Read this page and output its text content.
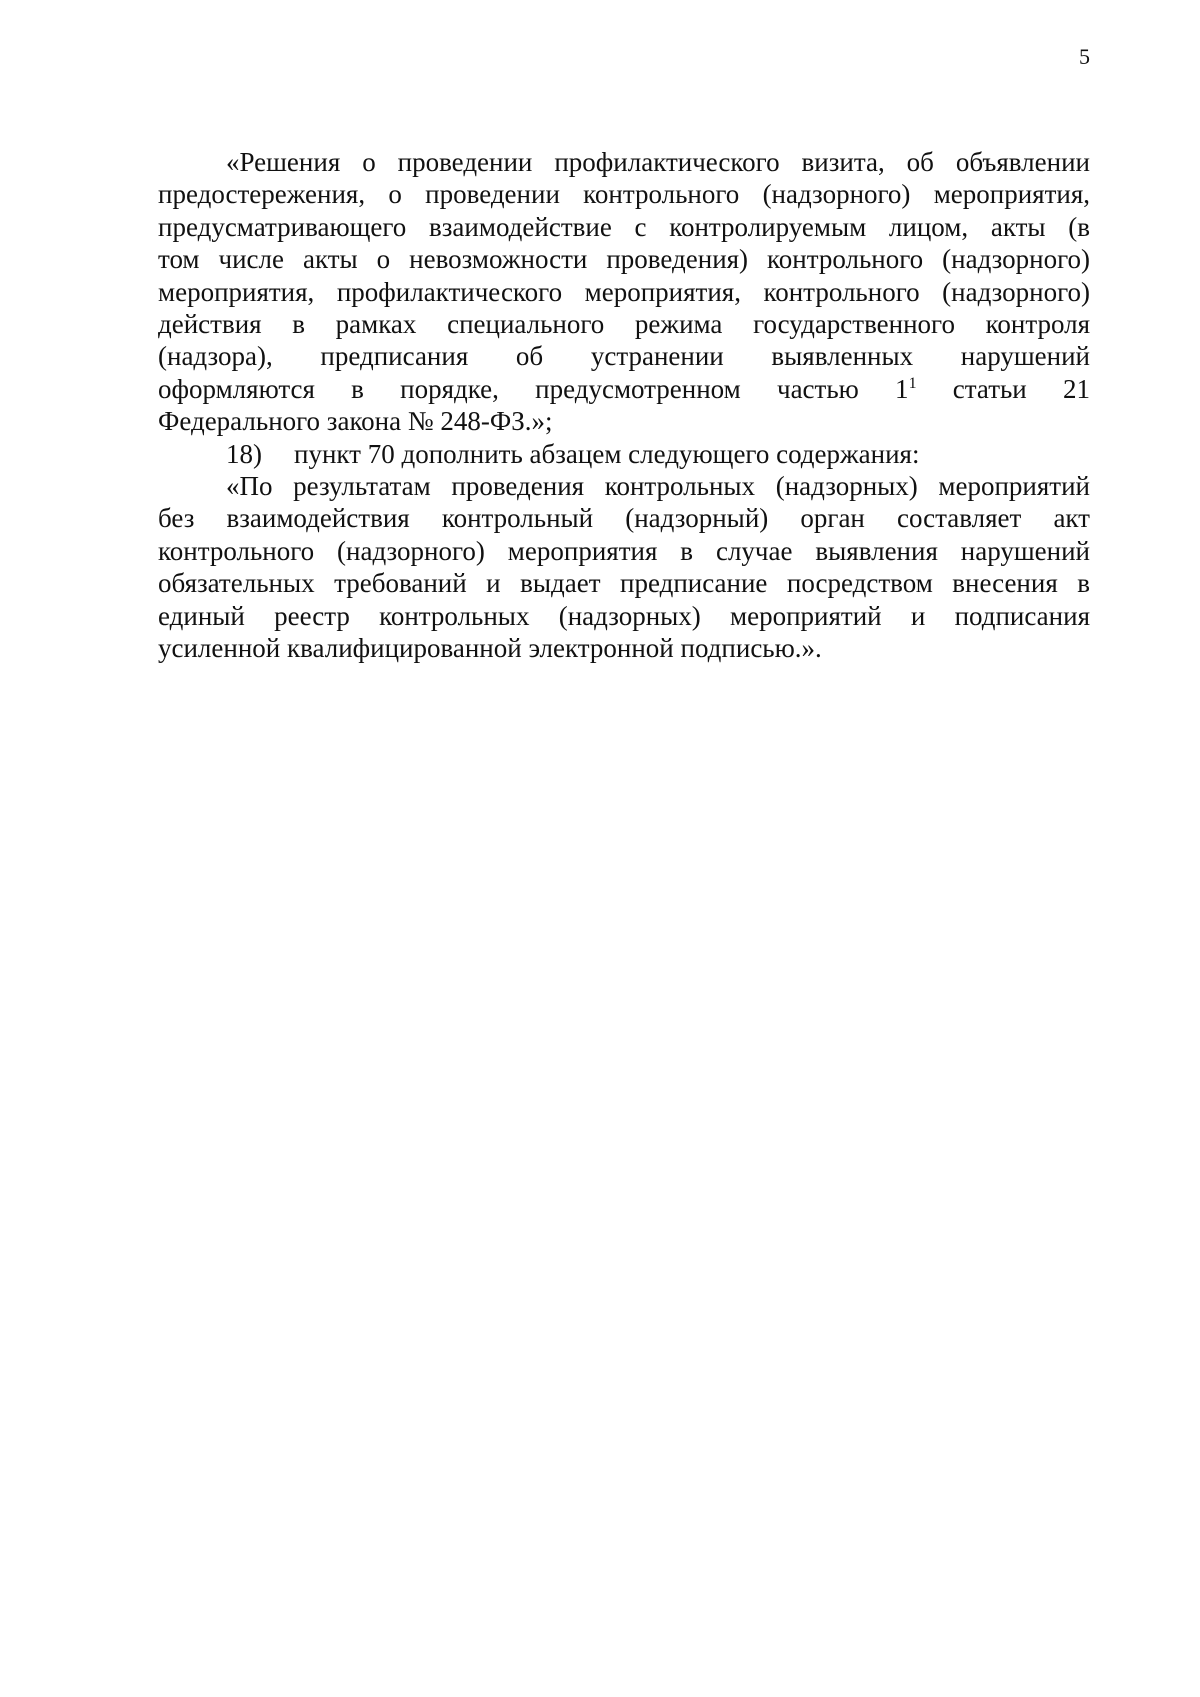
5
«Решения о проведении профилактического визита, об объявлении
предостережения, о проведении контрольного (надзорного) мероприятия,
предусматривающего взаимодействие с контролируемым лицом, акты (в
том числе акты о невозможности проведения) контрольного (надзорного)
мероприятия, профилактического мероприятия, контрольного (надзорного)
действия в рамках специального режима государственного контроля
(надзора), предписания об устранении выявленных нарушений
оформляются в порядке, предусмотренном частью $1^1$ статьи 21
Федерального закона № 248-ФЗ.»;
18) пункт 70 дополнить абзацем следующего содержания:
«По результатам проведения контрольных (надзорных) мероприятий
без взаимодействия контрольный (надзорный) орган составляет акт
контрольного (надзорного) мероприятия в случае выявления нарушений
обязательных требований и выдает предписание посредством внесения в
единый реестр контрольных (надзорных) мероприятий и подписания
усиленной квалифицированной электронной подписью.».
